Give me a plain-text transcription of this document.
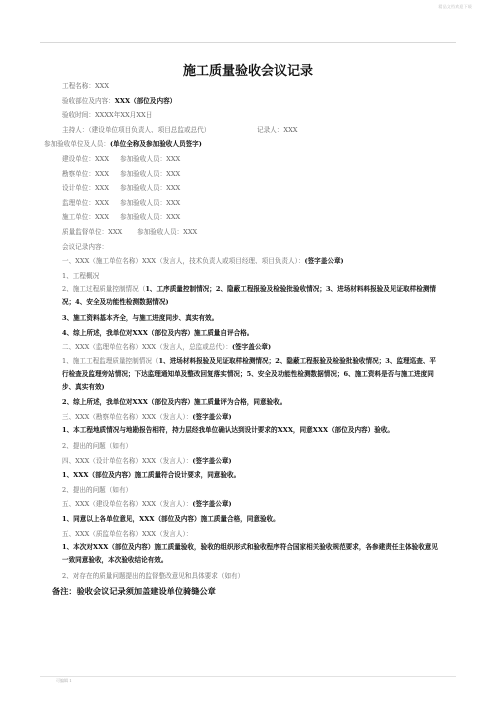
精品文档欢迎下载
施工质量验收会议记录
工程名称：XXX
验收部位及内容：XXX（部位及内容）
验收时间：XXXX年XX月XX日
主持人：（建设单位项目负责人、项目总监或总代）	记录人：XXX
参加验收单位及人员：(单位全称及参加验收人员签字)
建设单位：XXX 参加验收人员：XXX
勘察单位：XXX 参加验收人员：XXX
设计单位：XXX 参加验收人员：XXX
监理单位：XXX 参加验收人员：XXX
施工单位：XXX 参加验收人员：XXX
质量监督单位：XXX 参加验收人员：XXX
会议记录内容：
一、XXX（施工单位名称）XXX（发言人，技术负责人或项目经理、项目负责人）：(签字盖公章)
1、工程概况
2、施工过程质量控制情况（1、工序质量控制情况；2、隐蔽工程报验及检验批验收情况；3、进场材料料报验及见证取样检测情况；4、安全及功能性检测数据情况)
3、施工资料基本齐全，与施工进度同步、真实有效。
4、综上所述，我单位对XXX（部位及内容）施工质量自评合格。
二、XXX（监理单位名称）XXX（发言人，总监或总代）：(签字盖公章)
1、施工工程监理质量控制情况（1、进场材料报验及见证取样检测情况；2、隐蔽工程报验及检验批验收情况；3、监理巡查、平行检查及监理旁站情况；下达监理通知单及整改回复落实情况；5、安全及功能性检测数据情况；6、施工资料是否与施工进度同步、真实有效)
2、综上所述，我单位对XXX（部位及内容）施工质量评为合格，同意验收。
三、XXX（勘察单位名称）XXX（发言人）：(签字盖公章)
1、本工程地质情况与地勘报告相符，持力层经我单位确认达到设计要求的XXX，同意XXX（部位及内容）验收。
2、提出的问题（如有）
四、XXX（设计单位名称）XXX（发言人）：(签字盖公章)
1、XXX（部位及内容）施工质量符合设计要求，同意验收。
2、提出的问题（如有）
五、XXX（建设单位名称）XXX（发言人）：(签字盖公章)
1、同意以上各单位意见，XXX（部位及内容）施工质量合格，同意验收。
五、XXX（质监单位名称）XXX（发言人）：
1、本次对XXX（部位及内容）施工质量验收，验收的组织形式和验收程序符合国家相关验收规范要求，各参建责任主体验收意见一致同意验收，本次验收结论有效。
2、对存在的质量问题提出的监督整改意见和具体要求（如有）
备注：验收会议记录须加盖建设单位骑缝公章
可编辑 1
